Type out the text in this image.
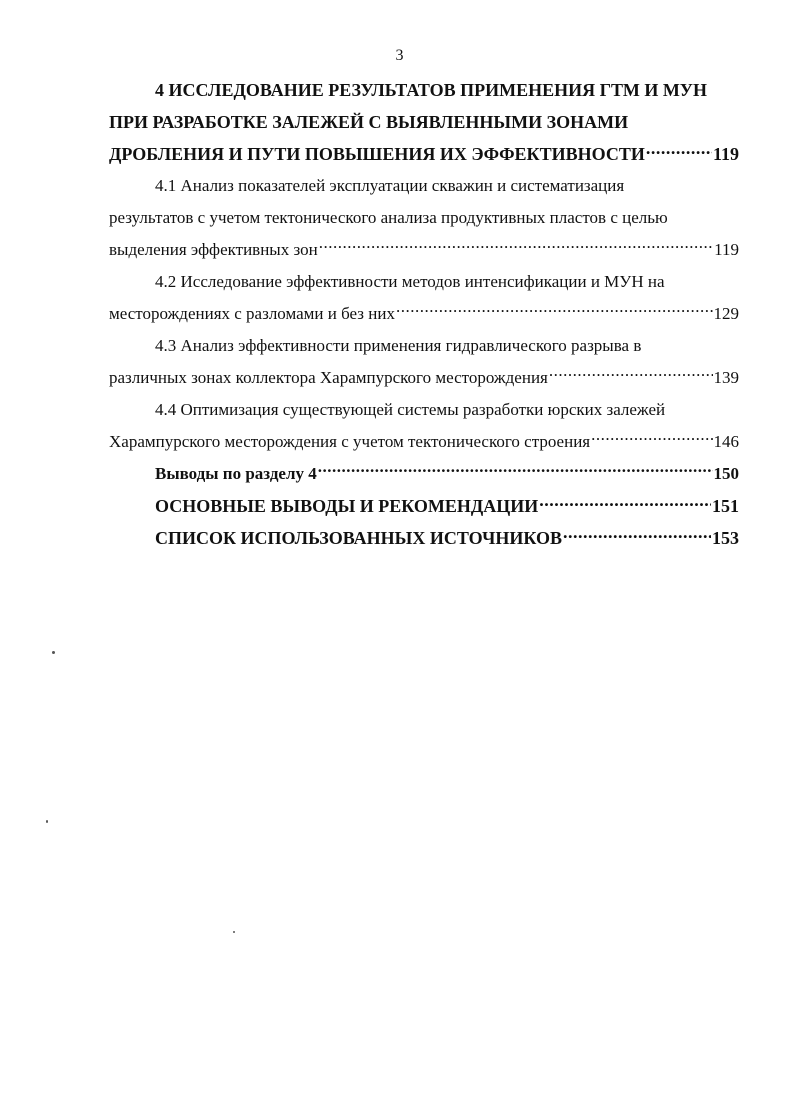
3
4 ИССЛЕДОВАНИЕ РЕЗУЛЬТАТОВ ПРИМЕНЕНИЯ ГТМ И МУН
ПРИ РАЗРАБОТКЕ ЗАЛЕЖЕЙ С ВЫЯВЛЕННЫМИ ЗОНАМИ
ДРОБЛЕНИЯ И ПУТИ ПОВЫШЕНИЯ ИХ ЭФФЕКТИВНОСТИ .....	119
4.1 Анализ показателей эксплуатации скважин и систематизация
результатов с учетом тектонического анализа продуктивных пластов с целью
выделения эффективных зон .....	119
4.2 Исследование эффективности методов интенсификации и МУН на
месторождениях с разломами и без них .....	129
4.3 Анализ эффективности применения гидравлического разрыва в
различных зонах коллектора Харампурского месторождения .....	139
4.4 Оптимизация существующей системы разработки юрских залежей
Харампурского месторождения с учетом тектонического строения .....	146
Выводы по разделу 4 .....	150
ОСНОВНЫЕ ВЫВОДЫ И РЕКОМЕНДАЦИИ .....	151
СПИСОК ИСПОЛЬЗОВАННЫХ ИСТОЧНИКОВ .....	153
